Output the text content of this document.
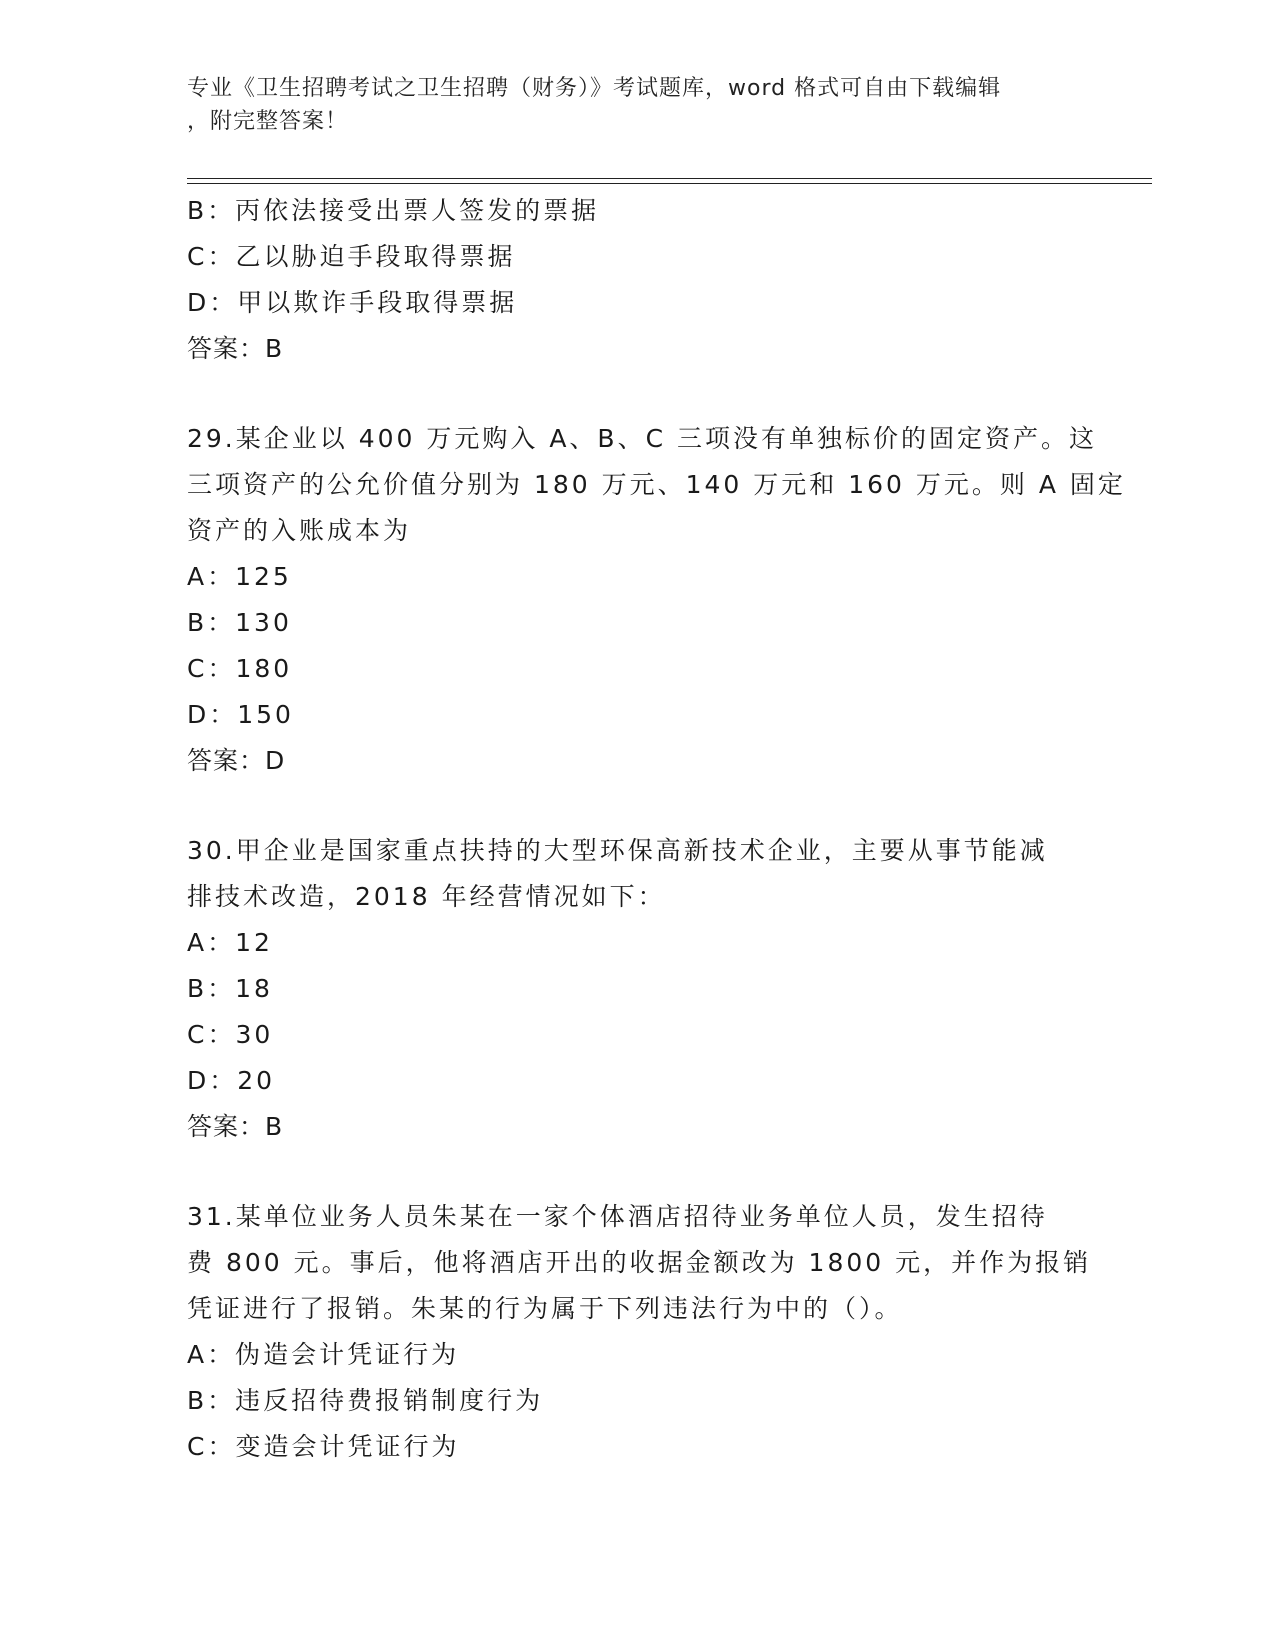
专业《卫生招聘考试之卫生招聘（财务）》考试题库，word 格式可自由下载编辑
，附完整答案！
B：丙依法接受出票人签发的票据
C：乙以胁迫手段取得票据
D：甲以欺诈手段取得票据
答案：B
29.某企业以 400 万元购入 A、B、C 三项没有单独标价的固定资产。这
三项资产的公允价值分别为 180 万元、140 万元和 160 万元。则 A 固定
资产的入账成本为
A：125
B：130
C：180
D：150
答案：D
30.甲企业是国家重点扶持的大型环保高新技术企业，主要从事节能减
排技术改造，2018 年经营情况如下：
A：12
B：18
C：30
D：20
答案：B
31.某单位业务人员朱某在一家个体酒店招待业务单位人员，发生招待
费 800 元。事后，他将酒店开出的收据金额改为 1800 元，并作为报销
凭证进行了报销。朱某的行为属于下列违法行为中的（）。
A：伪造会计凭证行为
B：违反招待费报销制度行为
C：变造会计凭证行为
